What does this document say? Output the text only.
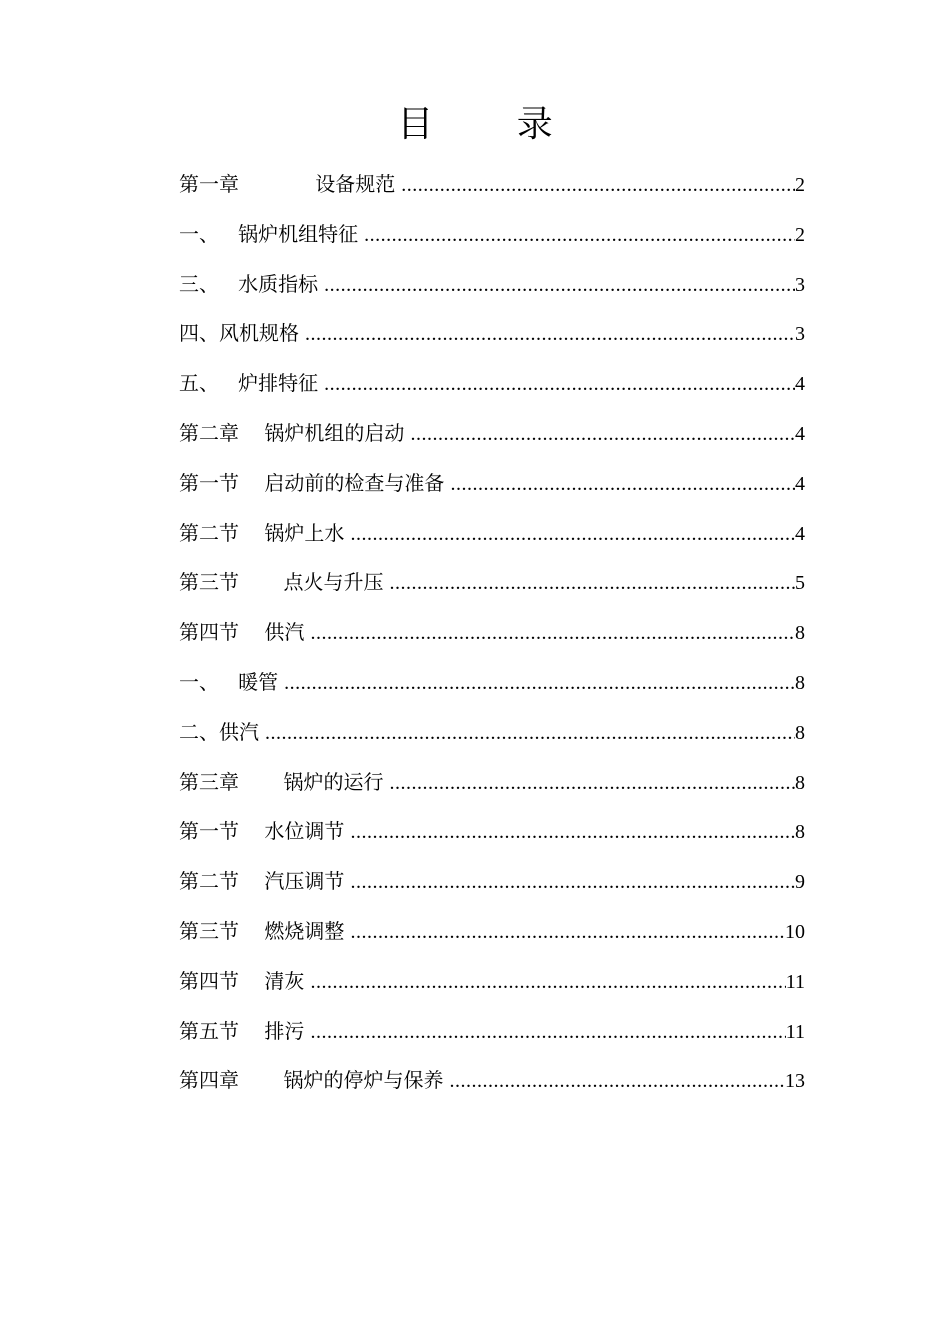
目 录
第一章            设备规范 .....	2
一、   锅炉机组特征 .....	2
三、   水质指标 .....	3
四、风机规格 .....	3
五、   炉排特征 .....	4
第二章    锅炉机组的启动 .....	4
第一节    启动前的检查与准备 .....	4
第二节    锅炉上水 .....	4
第三节       点火与升压 .....	5
第四节    供汽 .....	8
一、   暖管 .....	8
二、供汽 .....	8
第三章       锅炉的运行 .....	8
第一节    水位调节 .....	8
第二节    汽压调节 .....	9
第三节    燃烧调整 .....	10
第四节    清灰 .....	11
第五节    排污 .....	11
第四章       锅炉的停炉与保养 .....	13
